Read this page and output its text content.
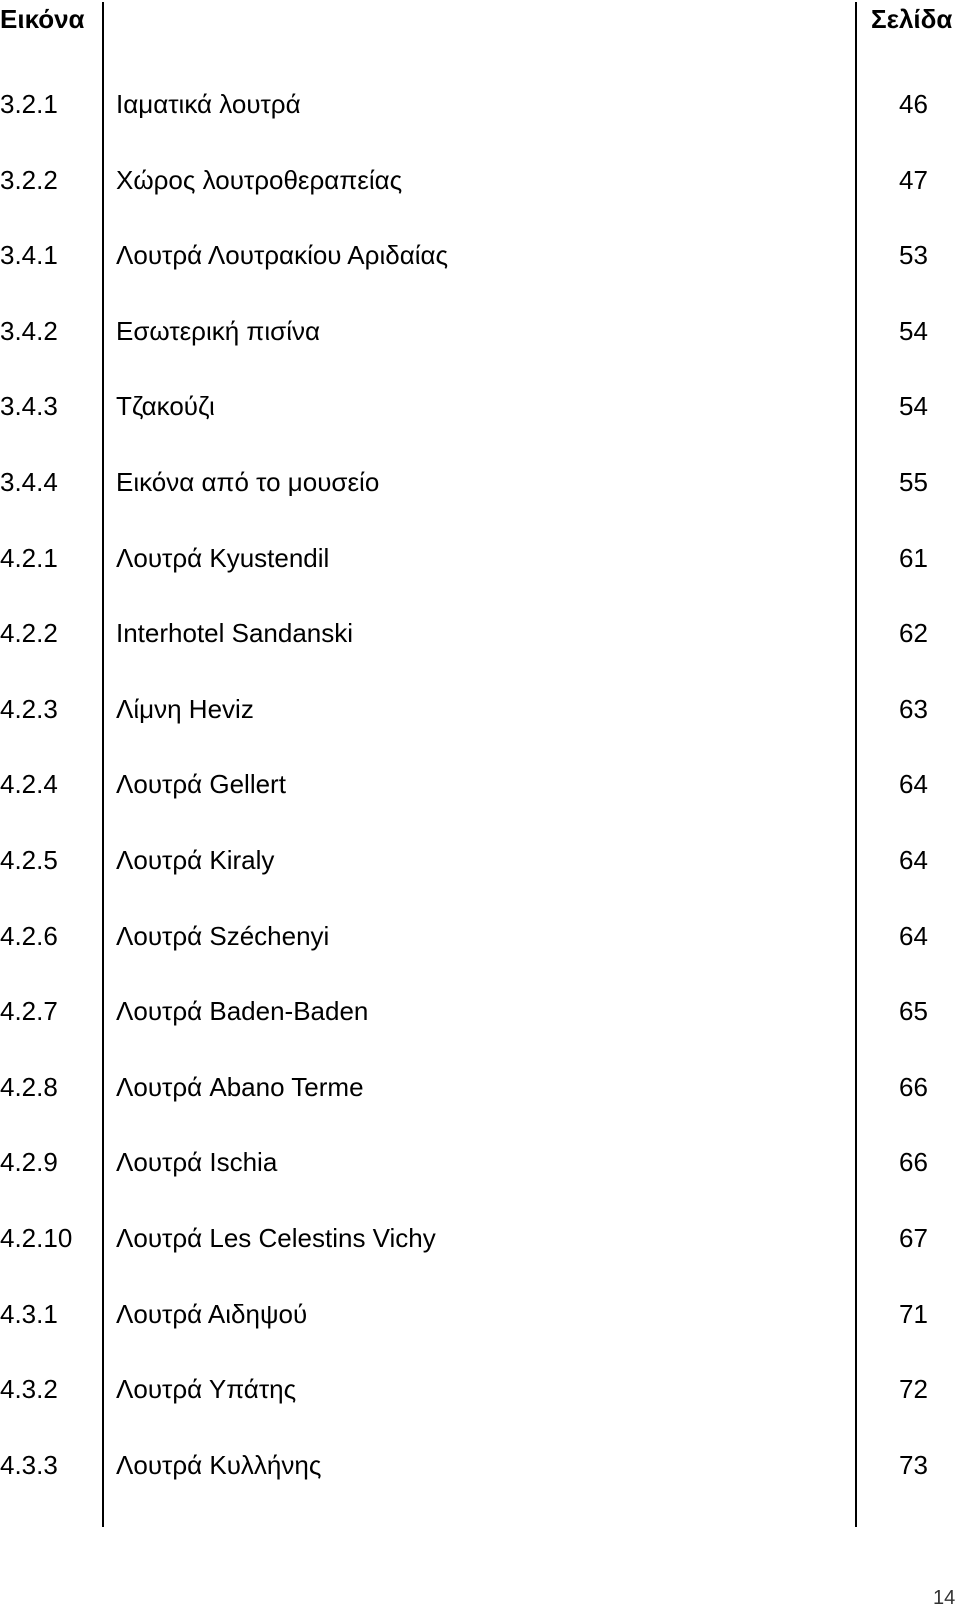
Εικόνα	Σελίδα
3.2.1 Ιαματικά λουτρά	46
3.2.2 Χώρος λουτροθεραπείας	47
3.4.1 Λουτρά Λουτρακίου Αριδαίας	53
3.4.2 Εσωτερική πισίνα	54
3.4.3 Τζακούζι	54
3.4.4 Εικόνα από το μουσείο	55
4.2.1 Λουτρά Kyustendil	61
4.2.2 Interhotel Sandanski	62
4.2.3 Λίμνη Heviz	63
4.2.4 Λουτρά Gellert	64
4.2.5 Λουτρά Kiraly	64
4.2.6 Λουτρά Széchenyi	64
4.2.7 Λουτρά Baden-Baden	65
4.2.8 Λουτρά Abano Terme	66
4.2.9 Λουτρά Ischia	66
4.2.10 Λουτρά Les Celestins Vichy	67
4.3.1 Λουτρά Αιδηψού	71
4.3.2 Λουτρά Υπάτης	72
4.3.3 Λουτρά Κυλλήνης	73
14
